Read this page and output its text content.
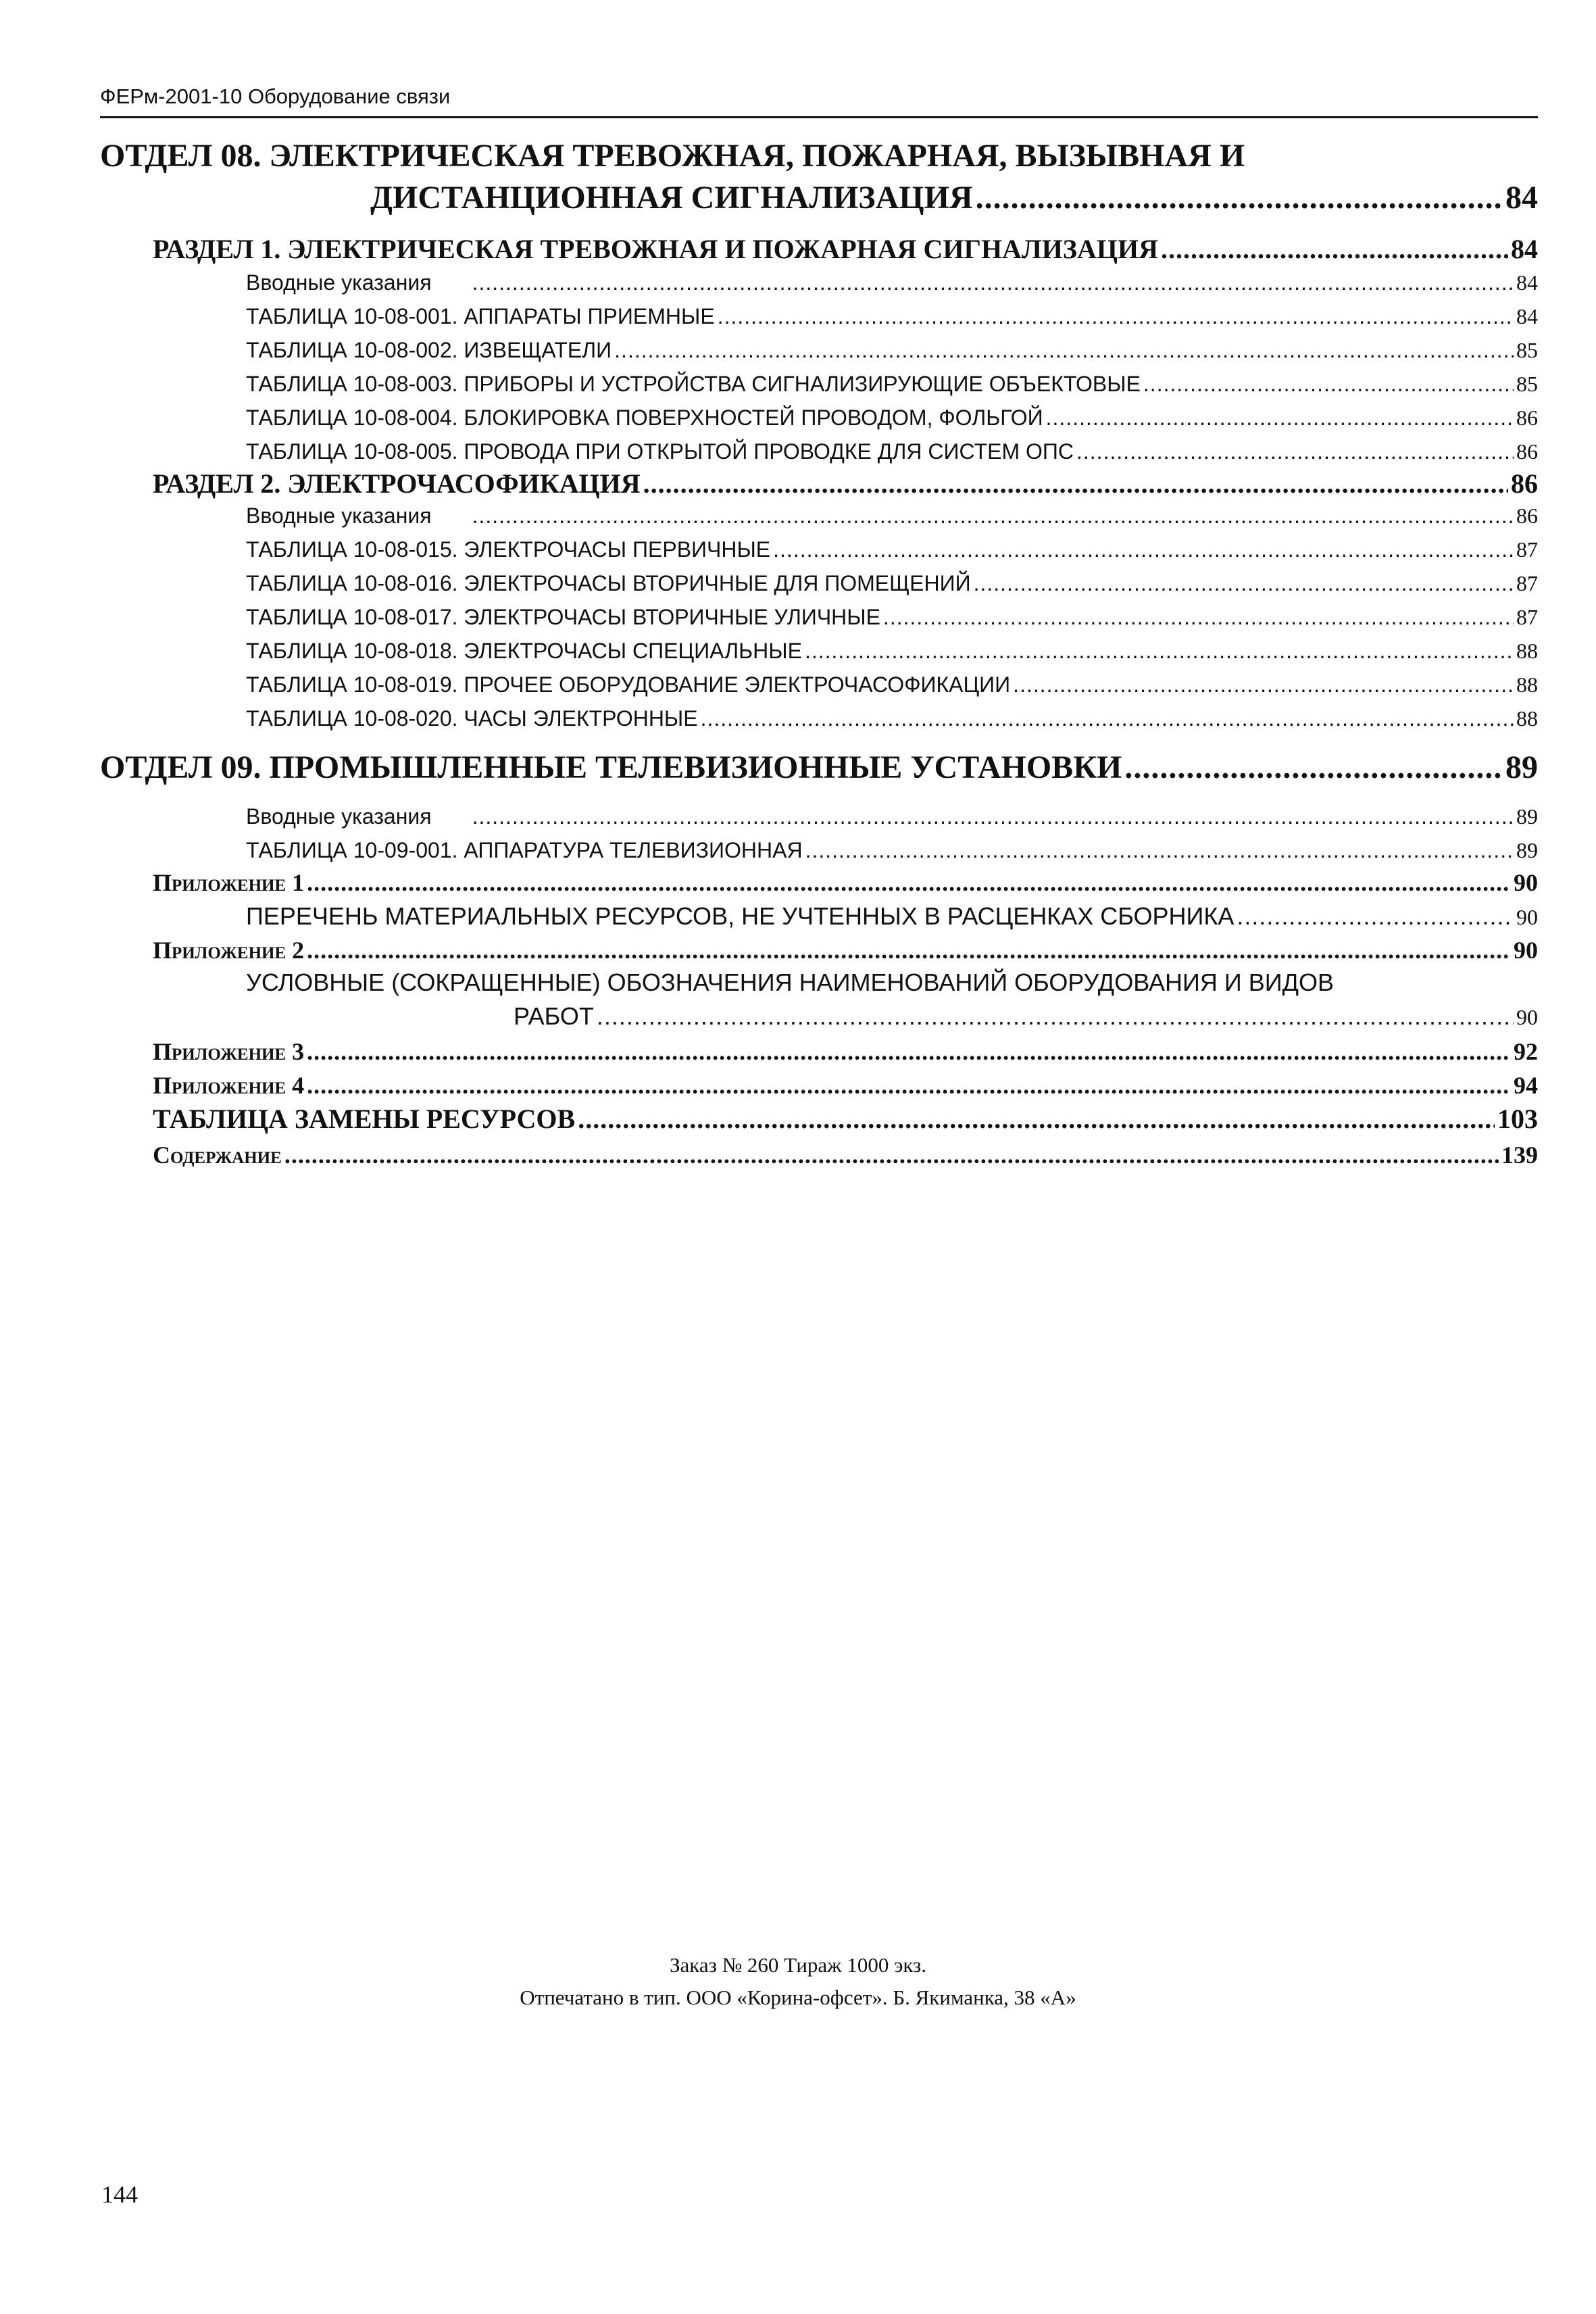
ФЕРм-2001-10 Оборудование связи
ОТДЕЛ 08. ЭЛЕКТРИЧЕСКАЯ ТРЕВОЖНАЯ, ПОЖАРНАЯ, ВЫЗЫВНАЯ И
ДИСТАНЦИОННАЯ СИГНАЛИЗАЦИЯ .....	84
РАЗДЕЛ 1. ЭЛЕКТРИЧЕСКАЯ ТРЕВОЖНАЯ И ПОЖАРНАЯ СИГНАЛИЗАЦИЯ .....	84
Вводные указания .....	84
ТАБЛИЦА 10-08-001. АППАРАТЫ ПРИЕМНЫЕ .....	84
ТАБЛИЦА 10-08-002. ИЗВЕЩАТЕЛИ .....	85
ТАБЛИЦА 10-08-003. ПРИБОРЫ И УСТРОЙСТВА СИГНАЛИЗИРУЮЩИЕ ОБЪЕКТОВЫЕ .....	85
ТАБЛИЦА 10-08-004. БЛОКИРОВКА ПОВЕРХНОСТЕЙ ПРОВОДОМ, ФОЛЬГОЙ .....	86
ТАБЛИЦА 10-08-005. ПРОВОДА ПРИ ОТКРЫТОЙ ПРОВОДКЕ ДЛЯ СИСТЕМ ОПС .....	86
РАЗДЕЛ 2. ЭЛЕКТРОЧАСОФИКАЦИЯ .....	86
Вводные указания .....	86
ТАБЛИЦА 10-08-015. ЭЛЕКТРОЧАСЫ ПЕРВИЧНЫЕ .....	87
ТАБЛИЦА 10-08-016. ЭЛЕКТРОЧАСЫ ВТОРИЧНЫЕ ДЛЯ ПОМЕЩЕНИЙ .....	87
ТАБЛИЦА 10-08-017. ЭЛЕКТРОЧАСЫ ВТОРИЧНЫЕ УЛИЧНЫЕ .....	87
ТАБЛИЦА 10-08-018. ЭЛЕКТРОЧАСЫ СПЕЦИАЛЬНЫЕ .....	88
ТАБЛИЦА 10-08-019. ПРОЧЕЕ ОБОРУДОВАНИЕ ЭЛЕКТРОЧАСОФИКАЦИИ .....	88
ТАБЛИЦА 10-08-020. ЧАСЫ ЭЛЕКТРОННЫЕ .....	88
ОТДЕЛ 09. ПРОМЫШЛЕННЫЕ ТЕЛЕВИЗИОННЫЕ УСТАНОВКИ .....	89
Вводные указания .....	89
ТАБЛИЦА 10-09-001. АППАРАТУРА ТЕЛЕВИЗИОННАЯ .....	89
Приложение 1 .....	90
ПЕРЕЧЕНЬ МАТЕРИАЛЬНЫХ РЕСУРСОВ, НЕ УЧТЕННЫХ В РАСЦЕНКАХ СБОРНИКА .....	90
Приложение 2 .....	90
УСЛОВНЫЕ (СОКРАЩЕННЫЕ) ОБОЗНАЧЕНИЯ НАИМЕНОВАНИЙ ОБОРУДОВАНИЯ И ВИДОВ
РАБОТ .....	90
Приложение 3 .....	92
Приложение 4 .....	94
ТАБЛИЦА ЗАМЕНЫ РЕСУРСОВ .....	103
Содержание .....	139
Заказ № 260 Тираж 1000 экз.
Отпечатано в тип. ООО «Корина-офсет». Б. Якиманка, 38 «А»
144
